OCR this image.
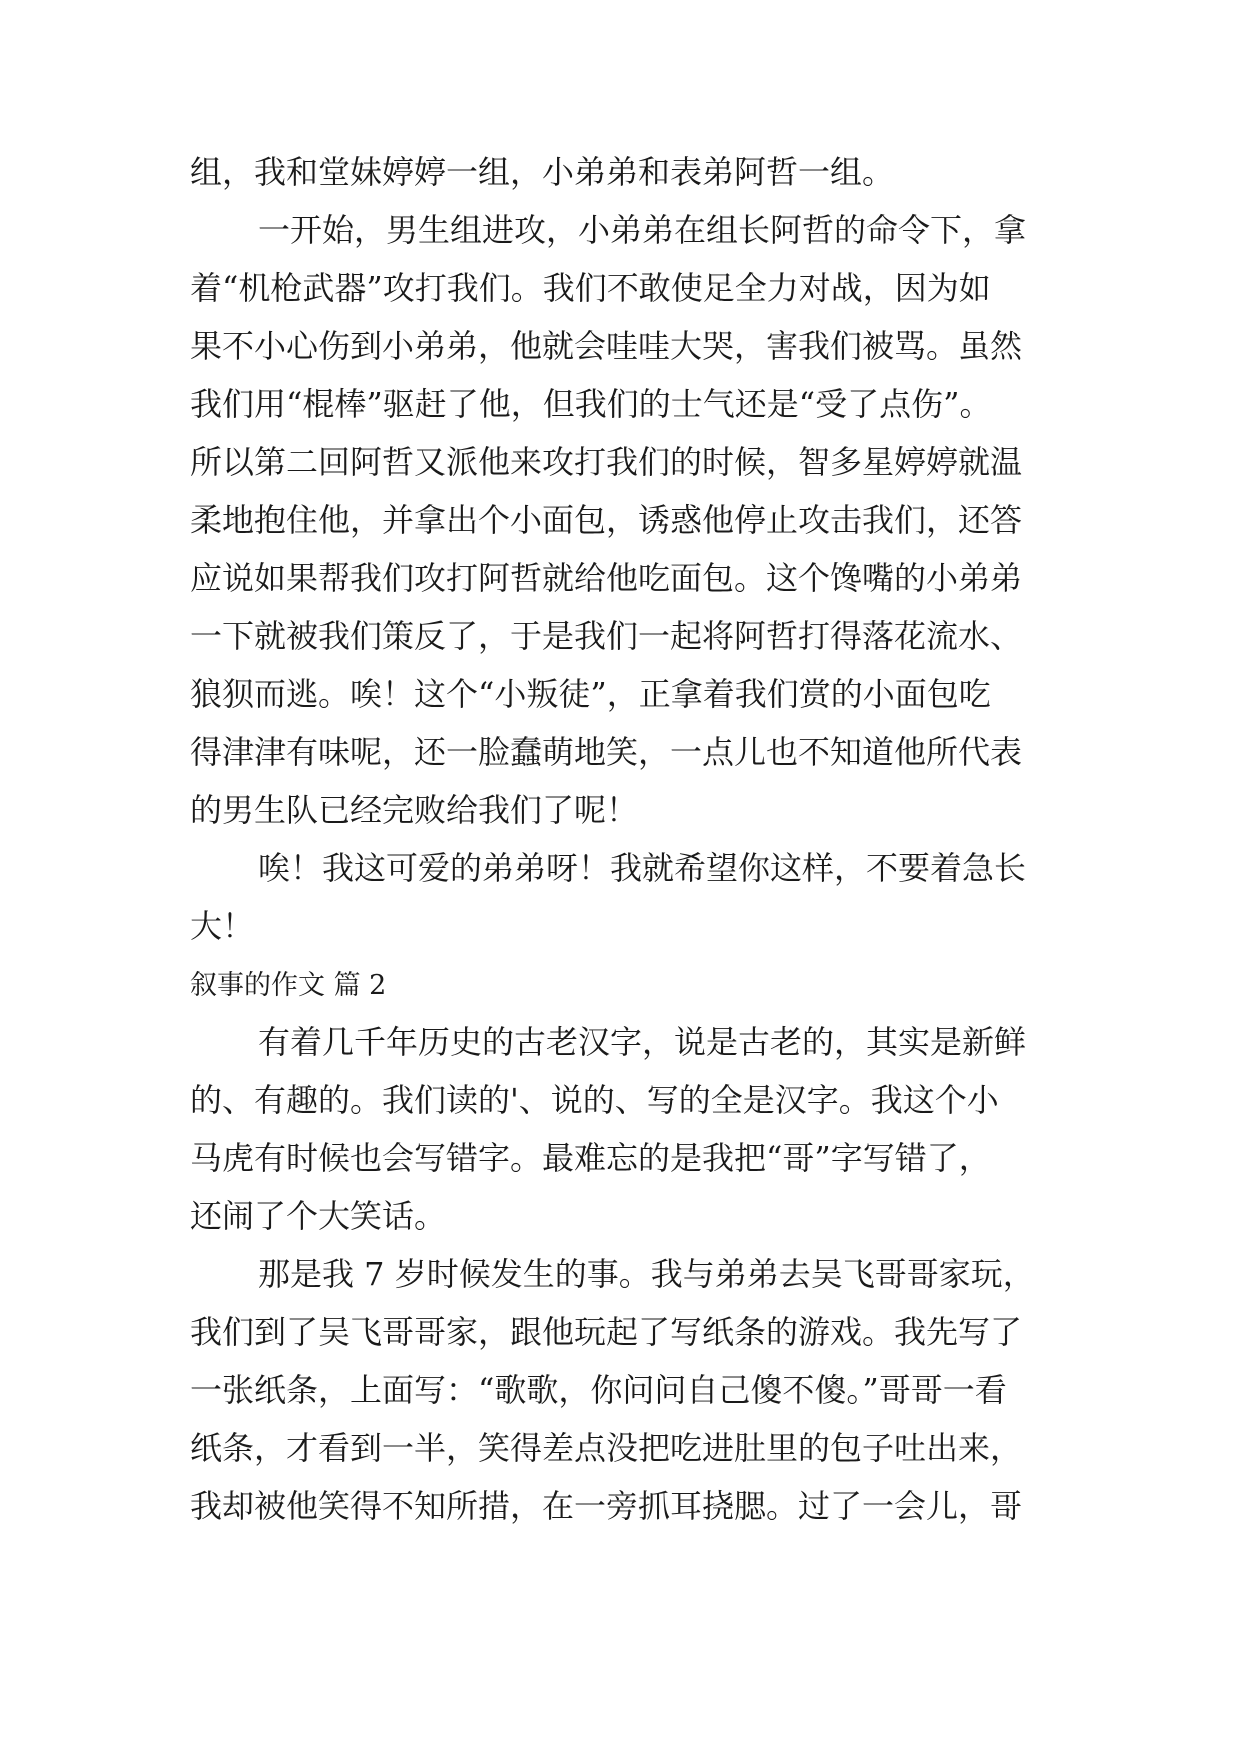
组，我和堂妹婷婷一组，小弟弟和表弟阿哲一组。
一开始，男生组进攻，小弟弟在组长阿哲的命令下，拿
着“机枪武器”攻打我们。我们不敢使足全力对战，因为如
果不小心伤到小弟弟，他就会哇哇大哭，害我们被骂。虽然
我们用“棍棒”驱赶了他，但我们的士气还是“受了点伤”。
所以第二回阿哲又派他来攻打我们的时候，智多星婷婷就温
柔地抱住他，并拿出个小面包，诱惑他停止攻击我们，还答
应说如果帮我们攻打阿哲就给他吃面包。这个馋嘴的小弟弟
一下就被我们策反了，于是我们一起将阿哲打得落花流水、
狼狈而逃。唉！这个“小叛徒”，正拿着我们赏的小面包吃
得津津有味呢，还一脸蠢萌地笑，一点儿也不知道他所代表
的男生队已经完败给我们了呢！
唉！我这可爱的弟弟呀！我就希望你这样，不要着急长
大！
叙事的作文 篇 2
有着几千年历史的古老汉字，说是古老的，其实是新鲜
的、有趣的。我们读的'、说的、写的全是汉字。我这个小
马虎有时候也会写错字。最难忘的是我把“哥”字写错了，
还闹了个大笑话。
那是我 7 岁时候发生的事。我与弟弟去吴飞哥哥家玩，
我们到了吴飞哥哥家，跟他玩起了写纸条的游戏。我先写了
一张纸条，上面写：“歌歌，你问问自己傻不傻。”哥哥一看
纸条，才看到一半，笑得差点没把吃进肚里的包子吐出来，
我却被他笑得不知所措，在一旁抓耳挠腮。过了一会儿，哥
